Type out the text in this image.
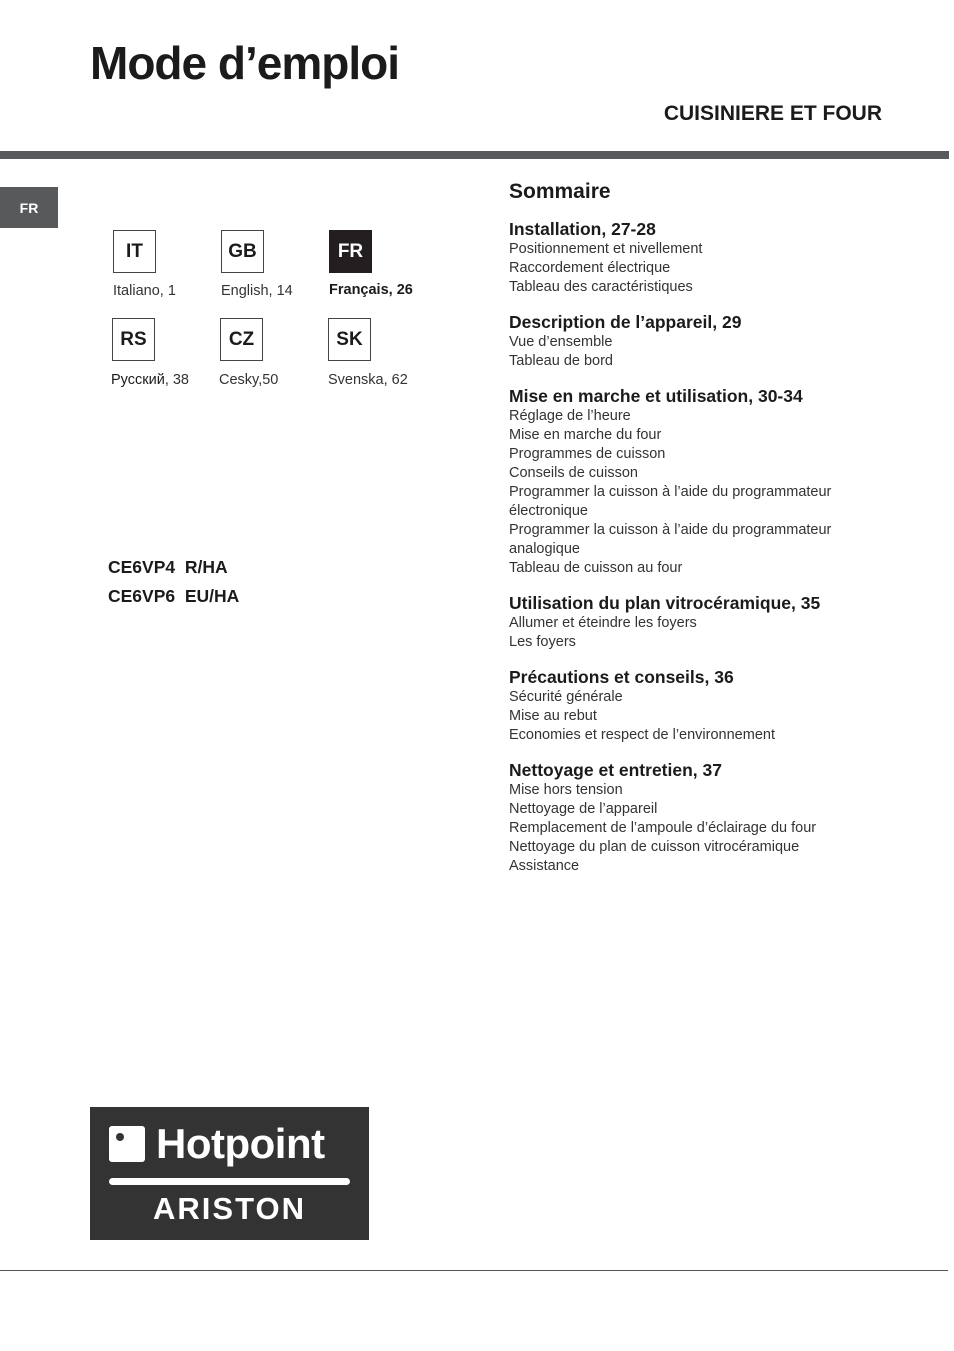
Mode d’emploi
CUISINIERE ET FOUR
FR
IT
Italiano, 1
GB
English, 14
FR
Français, 26
RS
Русский, 38
CZ
Cesky,50
SK
Svenska, 62
CE6VP4  R/HA
CE6VP6  EU/HA
Sommaire
Installation, 27-28
Positionnement et nivellement
Raccordement électrique
Tableau des caractéristiques
Description de l’appareil, 29
Vue d’ensemble
Tableau de bord
Mise en marche et utilisation, 30-34
Réglage de l’heure
Mise en marche du four
Programmes de cuisson
Conseils de cuisson
Programmer la cuisson à l’aide du programmateur électronique
Programmer la cuisson à l’aide du programmateur analogique
Tableau de cuisson au four
Utilisation du plan vitrocéramique, 35
Allumer et éteindre les foyers
Les foyers
Précautions et conseils, 36
Sécurité générale
Mise au rebut
Economies et respect de l’environnement
Nettoyage et entretien, 37
Mise hors tension
Nettoyage de l’appareil
Remplacement de l’ampoule d’éclairage du four
Nettoyage du plan de cuisson vitrocéramique
Assistance
Hotpoint
ARISTON
